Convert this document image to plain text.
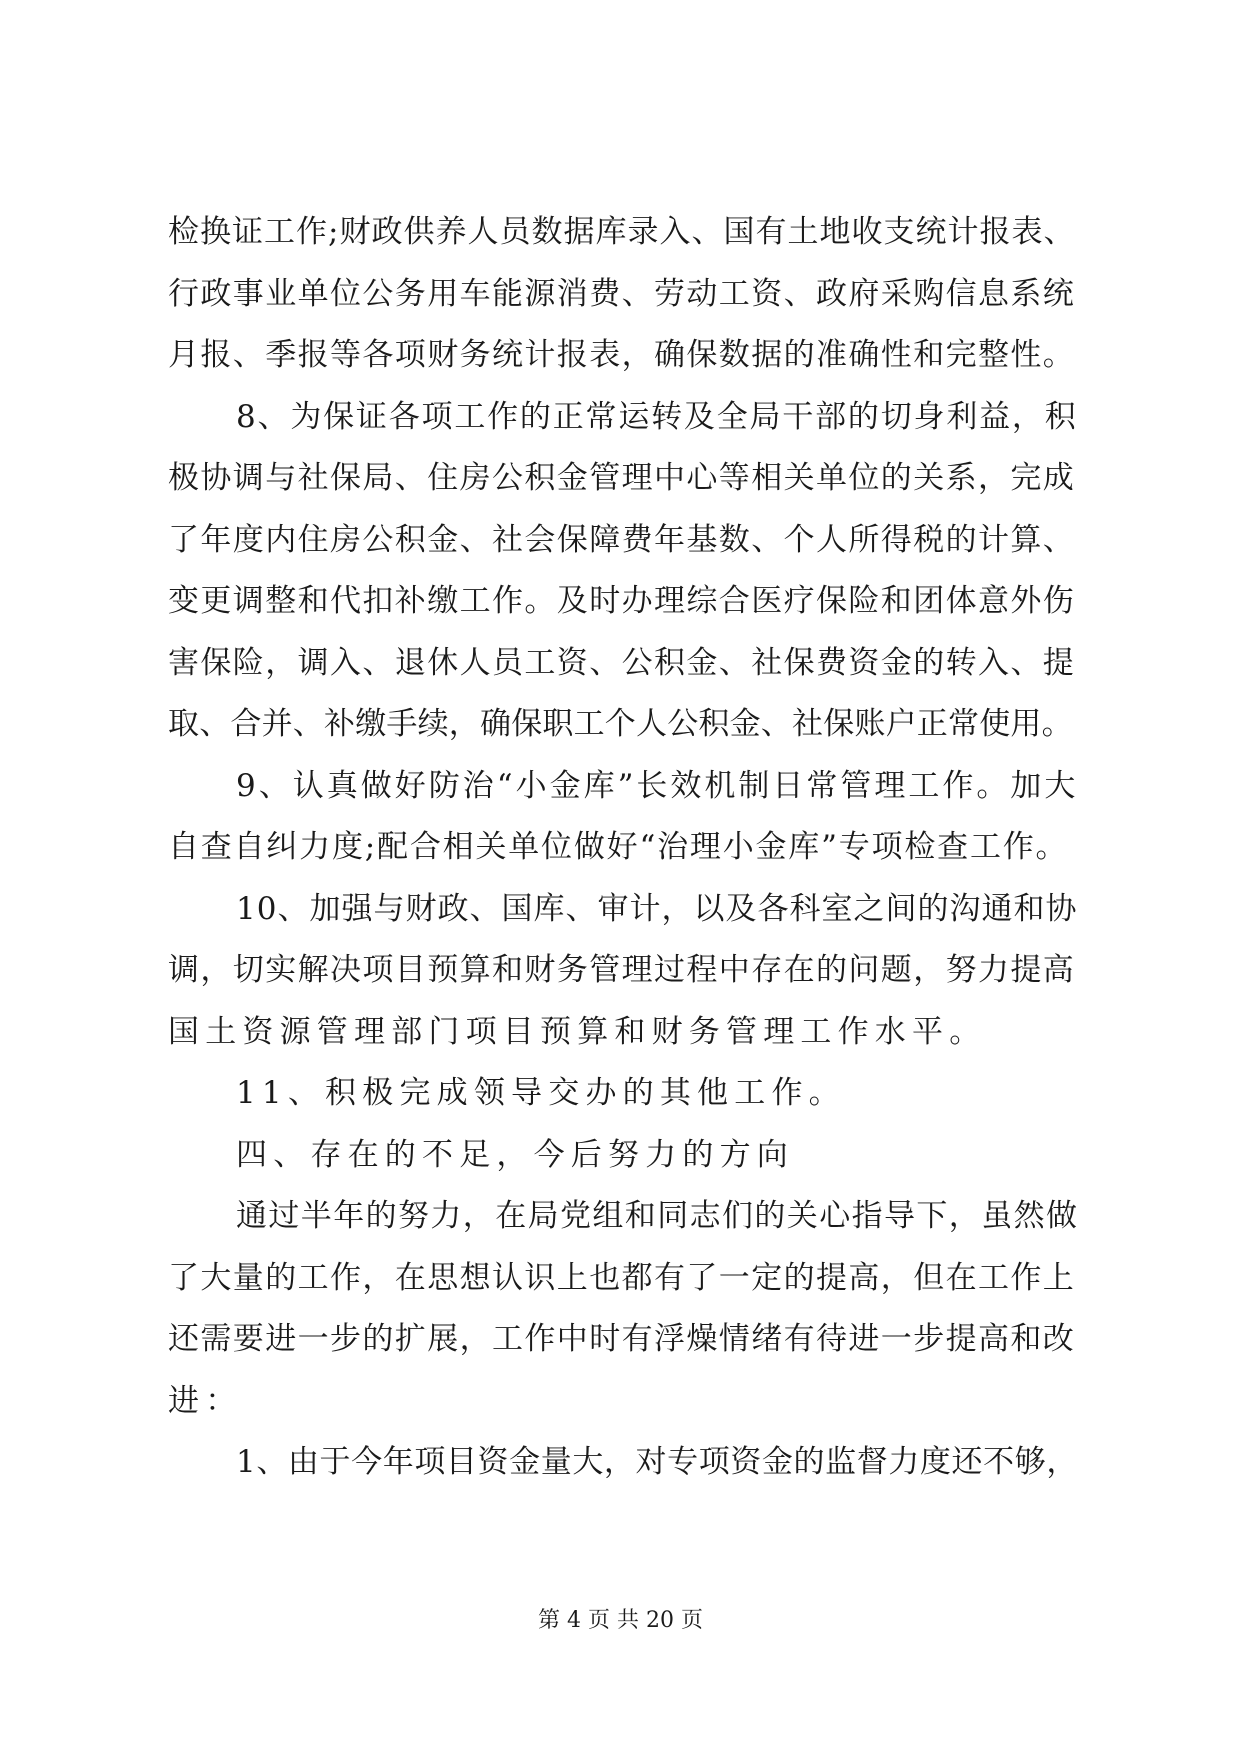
检换证工作;财政供养人员数据库录入、国有土地收支统计报表、
行政事业单位公务用车能源消费、劳动工资、政府采购信息系统
月报、季报等各项财务统计报表，确保数据的准确性和完整性。
8、为保证各项工作的正常运转及全局干部的切身利益，积
极协调与社保局、住房公积金管理中心等相关单位的关系，完成
了年度内住房公积金、社会保障费年基数、个人所得税的计算、
变更调整和代扣补缴工作。及时办理综合医疗保险和团体意外伤
害保险，调入、退休人员工资、公积金、社保费资金的转入、提
取、合并、补缴手续，确保职工个人公积金、社保账户正常使用。
9、认真做好防治“小金库”长效机制日常管理工作。加大
自查自纠力度;配合相关单位做好“治理小金库”专项检查工作。
10、加强与财政、国库、审计，以及各科室之间的沟通和协
调，切实解决项目预算和财务管理过程中存在的问题，努力提高
国土资源管理部门项目预算和财务管理工作水平。
11、积极完成领导交办的其他工作。
四、存在的不足，今后努力的方向
通过半年的努力，在局党组和同志们的关心指导下，虽然做
了大量的工作，在思想认识上也都有了一定的提高，但在工作上
还需要进一步的扩展，工作中时有浮燥情绪有待进一步提高和改
进：
1、由于今年项目资金量大，对专项资金的监督力度还不够，
第 4 页 共 20 页
